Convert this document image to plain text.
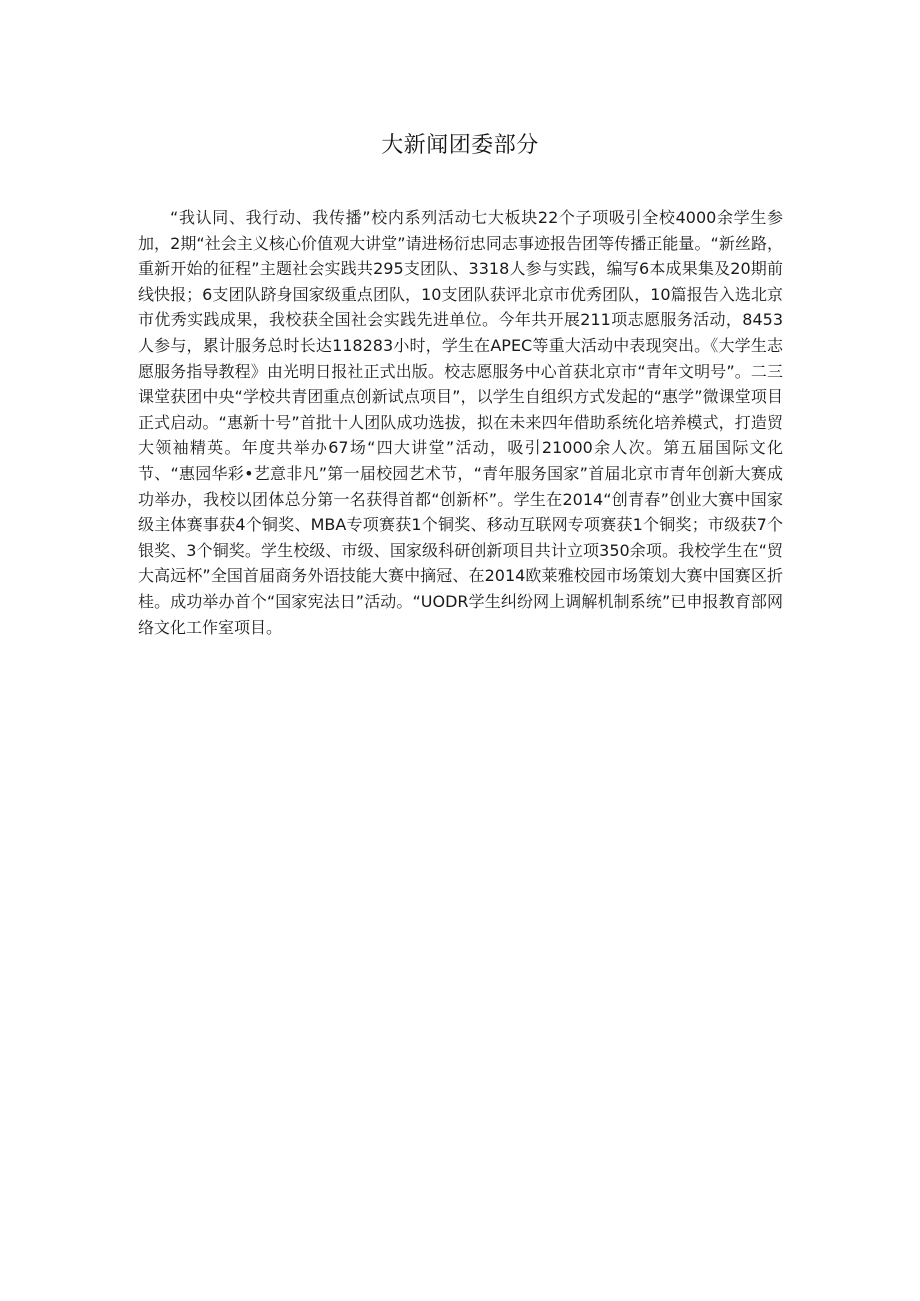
大新闻团委部分

“我认同、我行动、我传播”校内系列活动七大板块22个子项吸引全校4000余学生参加，2期“社会主义核心价值观大讲堂”请进杨衍忠同志事迹报告团等传播正能量。“新丝路，重新开始的征程”主题社会实践共295支团队、3318人参与实践，编写6本成果集及20期前线快报；6支团队跻身国家级重点团队，10支团队获评北京市优秀团队，10篇报告入选北京市优秀实践成果，我校获全国社会实践先进单位。今年共开展211项志愿服务活动，8453人参与，累计服务总时长达118283小时，学生在APEC等重大活动中表现突出。《大学生志愿服务指导教程》由光明日报社正式出版。校志愿服务中心首获北京市“青年文明号”。二三课堂获团中央“学校共青团重点创新试点项目”，以学生自组织方式发起的“惠学”微课堂项目正式启动。“惠新十号”首批十人团队成功选拔，拟在未来四年借助系统化培养模式，打造贸大领袖精英。年度共举办67场“四大讲堂”活动，吸引21000余人次。第五届国际文化节、“惠园华彩•艺意非凡”第一届校园艺术节，“青年服务国家”首届北京市青年创新大赛成功举办，我校以团体总分第一名获得首都“创新杯”。学生在2014“创青春”创业大赛中国家级主体赛事获4个铜奖、MBA专项赛获1个铜奖、移动互联网专项赛获1个铜奖；市级获7个银奖、3个铜奖。学生校级、市级、国家级科研创新项目共计立项350余项。我校学生在“贸大高远杯”全国首届商务外语技能大赛中摘冠、在2014欧莱雅校园市场策划大赛中国赛区折桂。成功举办首个“国家宪法日”活动。“UODR学生纠纷网上调解机制系统”已申报教育部网络文化工作室项目。
